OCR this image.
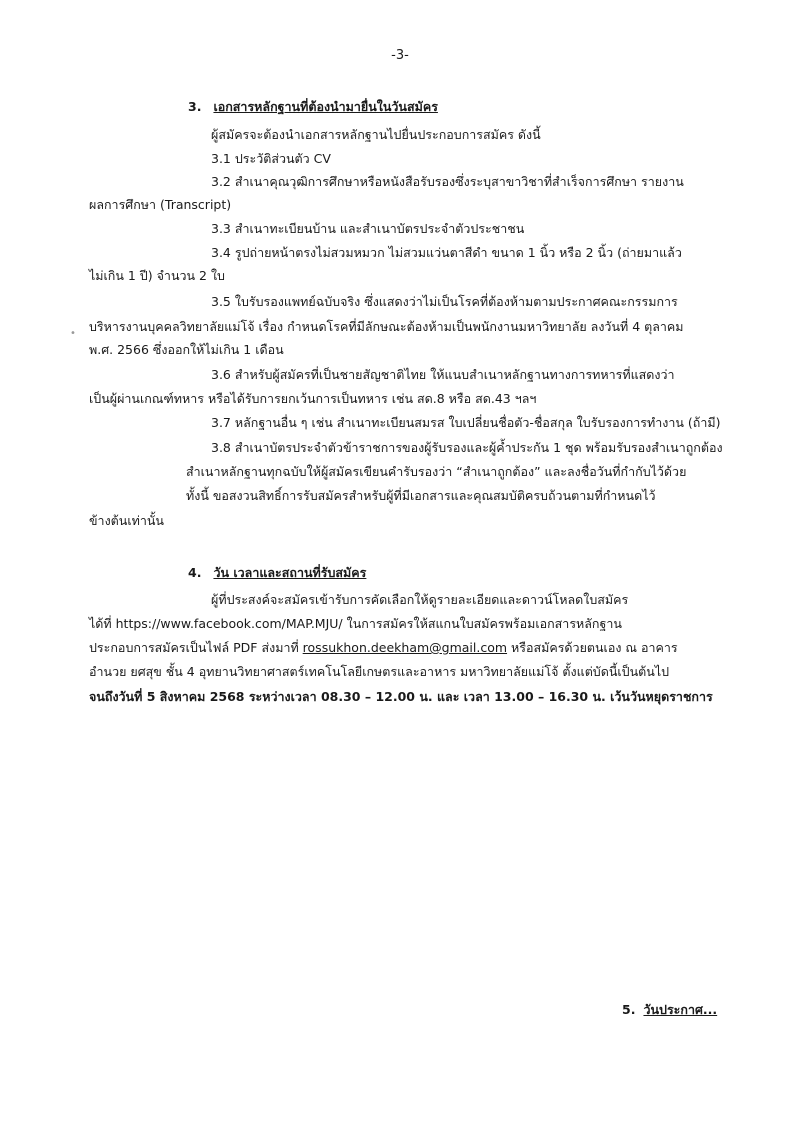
-3-
3. เอกสารหลักฐานที่ต้องนำมายื่นในวันสมัคร
ผู้สมัครจะต้องนำเอกสารหลักฐานไปยื่นประกอบการสมัคร ดังนี้
3.1 ประวัติส่วนตัว CV
3.2 สำเนาคุณวุฒิการศึกษาหรือหนังสือรับรองซึ่งระบุสาขาวิชาที่สำเร็จการศึกษา รายงาน
ผลการศึกษา (Transcript)
3.3 สำเนาทะเบียนบ้าน และสำเนาบัตรประจำตัวประชาชน
3.4 รูปถ่ายหน้าตรงไม่สวมหมวก ไม่สวมแว่นตาสีดำ ขนาด 1 นิ้ว หรือ 2 นิ้ว (ถ่ายมาแล้ว
ไม่เกิน 1 ปี) จำนวน 2 ใบ
3.5 ใบรับรองแพทย์ฉบับจริง ซึ่งแสดงว่าไม่เป็นโรคที่ต้องห้ามตามประกาศคณะกรรมการ
• บริหารงานบุคคลวิทยาลัยแม่โจ้ เรื่อง กำหนดโรคที่มีลักษณะต้องห้ามเป็นพนักงานมหาวิทยาลัย ลงวันที่ 4 ตุลาคม
พ.ศ. 2566 ซึ่งออกให้ไม่เกิน 1 เดือน
3.6 สำหรับผู้สมัครที่เป็นชายสัญชาติไทย ให้แนบสำเนาหลักฐานทางการทหารที่แสดงว่า
เป็นผู้ผ่านเกณฑ์ทหาร หรือได้รับการยกเว้นการเป็นทหาร เช่น สด.8 หรือ สด.43 ฯลฯ
3.7 หลักฐานอื่น ๆ เช่น สำเนาทะเบียนสมรส ใบเปลี่ยนชื่อตัว-ชื่อสกุล ใบรับรองการทำงาน (ถ้ามี)
3.8 สำเนาบัตรประจำตัวข้าราชการของผู้รับรองและผู้ค้ำประกัน 1 ชุด พร้อมรับรองสำเนาถูกต้อง
สำเนาหลักฐานทุกฉบับให้ผู้สมัครเขียนคำรับรองว่า “สำเนาถูกต้อง” และลงชื่อวันที่กำกับไว้ด้วย
ทั้งนี้ ขอสงวนสิทธิ์การรับสมัครสำหรับผู้ที่มีเอกสารและคุณสมบัติครบถ้วนตามที่กำหนดไว้
ข้างต้นเท่านั้น
4. วัน เวลาและสถานที่รับสมัคร
ผู้ที่ประสงค์จะสมัครเข้ารับการคัดเลือกให้ดูรายละเอียดและดาวน์โหลดใบสมัคร
ได้ที่ https://www.facebook.com/MAP.MJU/ ในการสมัครให้สแกนใบสมัครพร้อมเอกสารหลักฐาน
ประกอบการสมัครเป็นไฟล์ PDF ส่งมาที่ rossukhon.deekham@gmail.com หรือสมัครด้วยตนเอง ณ อาคาร
อำนวย ยศสุข ชั้น 4 อุทยานวิทยาศาสตร์เทคโนโลยีเกษตรและอาหาร มหาวิทยาลัยแม่โจ้ ตั้งแต่บัดนี้เป็นต้นไป
จนถึงวันที่ 5 สิงหาคม 2568 ระหว่างเวลา 08.30 – 12.00 น. และ เวลา 13.00 – 16.30 น. เว้นวันหยุดราชการ
5. วันประกาศ...
